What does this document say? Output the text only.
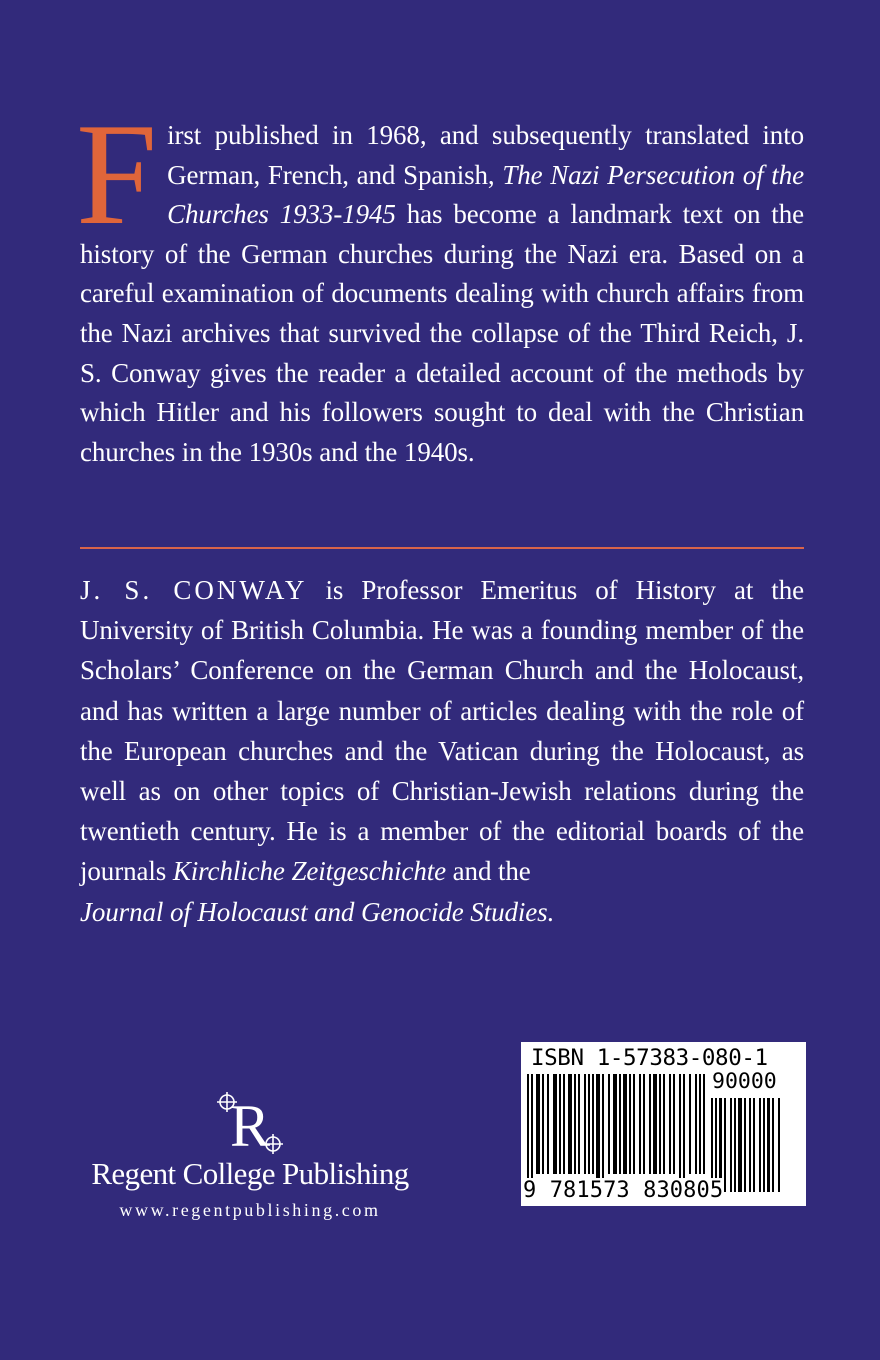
First published in 1968, and subsequently translated into German, French, and Spanish, The Nazi Persecution of the Churches 1933-1945 has become a landmark text on the history of the German churches during the Nazi era. Based on a careful examination of documents dealing with church affairs from the Nazi archives that survived the collapse of the Third Reich, J. S. Conway gives the reader a detailed account of the methods by which Hitler and his followers sought to deal with the Christian churches in the 1930s and the 1940s.
J. S. CONWAY is Professor Emeritus of History at the University of British Columbia. He was a founding member of the Scholars’ Conference on the German Church and the Holocaust, and has written a large number of articles dealing with the role of the European churches and the Vatican during the Holocaust, as well as on other topics of Christian-Jewish relations during the twentieth century. He is a member of the editorial boards of the journals Kirchliche Zeitgeschichte and the
Journal of Holocaust and Genocide Studies.
R
Regent College Publishing
www.regentpublishing.com
ISBN 1-57383-080-1
90000
9 781573 830805
